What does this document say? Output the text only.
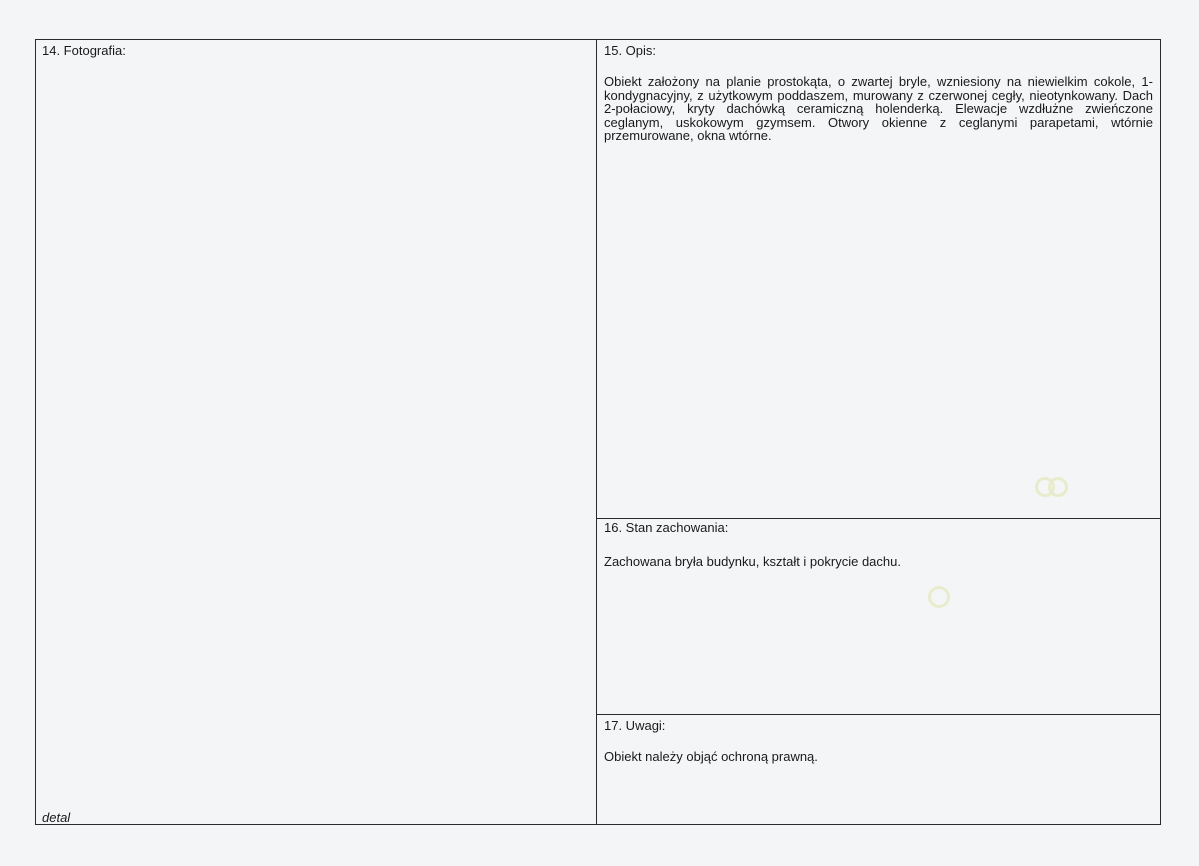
14. Fotografia:
detal
15. Opis:
Obiekt założony na planie prostokąta, o zwartej bryle, wzniesiony na niewielkim cokole, 1-kondygnacyjny, z użytkowym poddaszem, murowany z czerwonej cegły, nieotynkowany. Dach 2-połaciowy, kryty dachówką ceramiczną holenderką. Elewacje wzdłużne zwieńczone ceglanym, uskokowym gzymsem. Otwory okienne z ceglanymi parapetami, wtórnie przemurowane, okna wtórne.
16. Stan zachowania:
Zachowana bryła budynku, kształt i pokrycie dachu.
17. Uwagi:
Obiekt należy objąć ochroną prawną.
